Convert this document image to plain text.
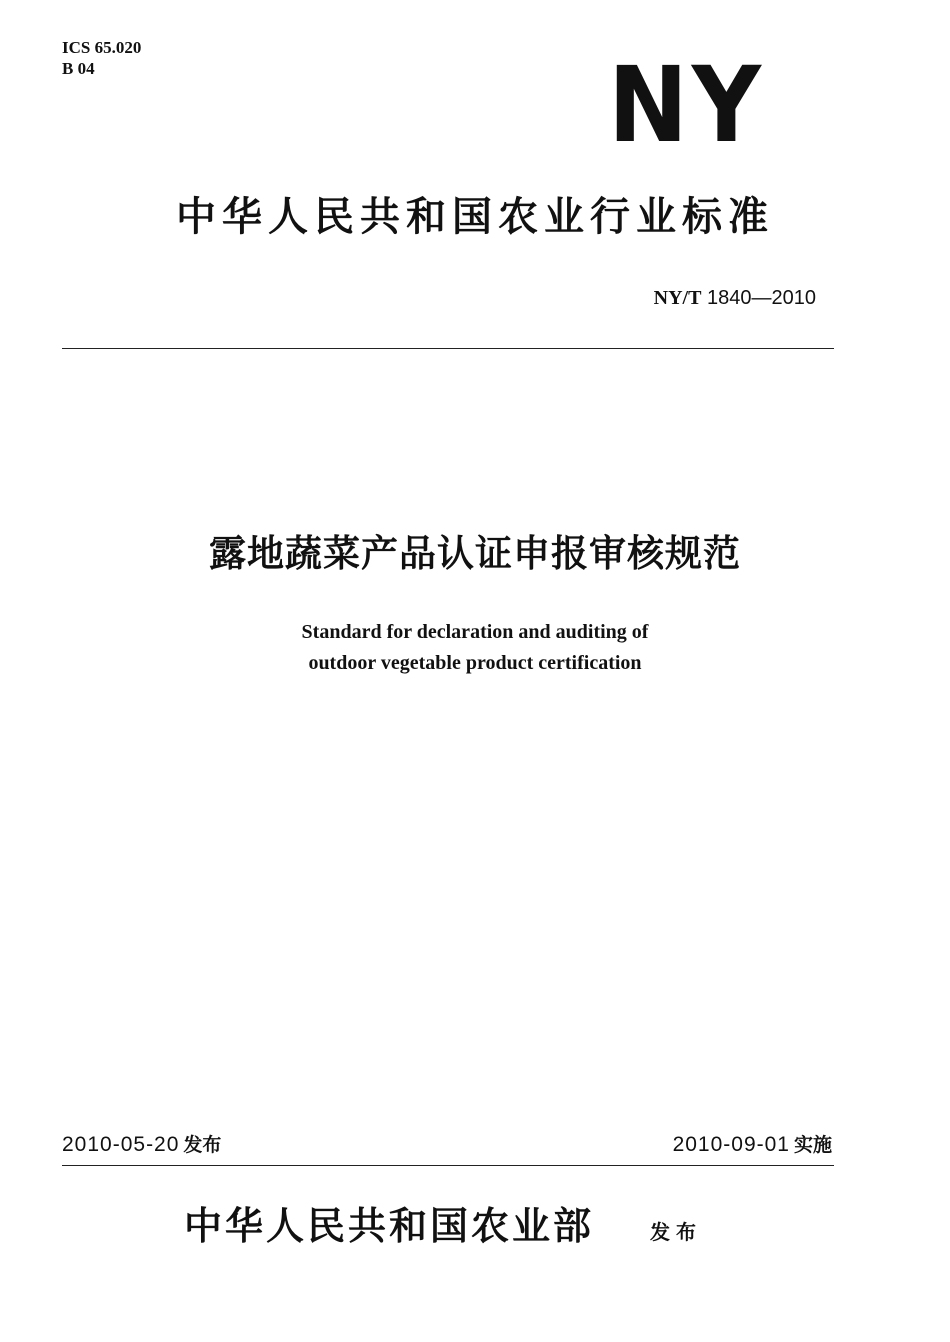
ICS 65.020
B 04	NY
中华人民共和国农业行业标准
NY/T 1840—2010
露地蔬菜产品认证申报审核规范
Standard for declaration and auditing of
outdoor vegetable product certification
2010-05-20 发布	2010-09-01 实施
中华人民共和国农业部	发布
